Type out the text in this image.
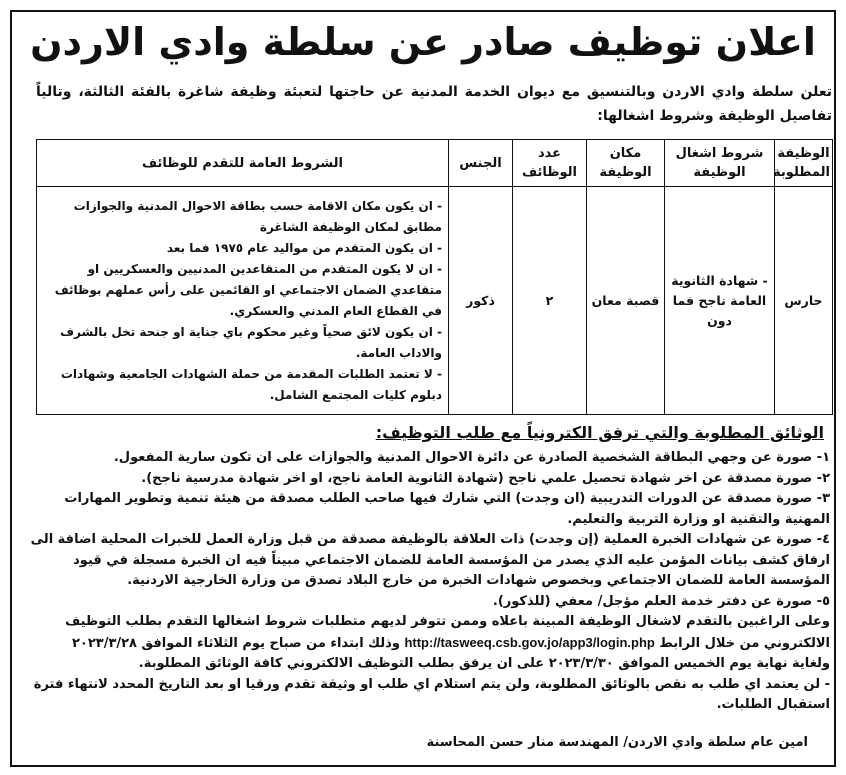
اعلان توظيف صادر عن سلطة وادي الاردن
تعلن سلطة وادي الاردن وبالتنسيق مع ديوان الخدمة المدنية عن حاجتها لتعبئة وظيفة شاغرة بالفئة الثالثة، وتالياً تفاصيل الوظيفة وشروط اشغالها:
الوظيفة المطلوبة	شروط اشغال الوظيفة	مكان الوظيفة	عدد الوظائف	الجنس	الشروط العامة للتقدم للوظائف
حارس	- شهادة الثانوية العامة ناجح فما دون	قصبة معان	٢	ذكور	- ان يكون مكان الاقامة حسب بطاقة الاحوال المدنية والجوازات مطابق لمكان الوظيفة الشاغرة
- ان يكون المتقدم من مواليد عام ١٩٧٥ فما بعد
- ان لا يكون المتقدم من المتقاعدين المدنيين والعسكريين او متقاعدي الضمان الاجتماعي او القائمين على رأس عملهم بوظائف في القطاع العام المدني والعسكري.
- ان يكون لائق صحياً وغير محكوم باي جناية او جنحة تخل بالشرف والاداب العامة.
- لا تعتمد الطلبات المقدمة من حملة الشهادات الجامعية وشهادات دبلوم كليات المجتمع الشامل.
الوثائق المطلوبة والتي ترفق الكترونياً مع طلب التوظيف:

١- صورة عن وجهي البطاقة الشخصية الصادرة عن دائرة الاحوال المدنية والجوازات على ان تكون سارية المفعول.

٢- صورة مصدقة عن اخر شهادة تحصيل علمي ناجح (شهادة الثانوية العامة ناجح، او اخر شهادة مدرسية ناجح).

٣- صورة مصدقة عن الدورات التدريبية (ان وجدت) التي شارك فيها صاحب الطلب مصدقة من هيئة تنمية وتطوير المهارات المهنية والتقنية او وزارة التربية والتعليم.

٤- صورة عن شهادات الخبرة العملية (إن وجدت) ذات العلاقة بالوظيفة مصدقة من قبل وزارة العمل للخبرات المحلية اضافة الى ارفاق كشف بيانات المؤمن عليه الذي يصدر من المؤسسة العامة للضمان الاجتماعي مبيناً فيه ان الخبرة مسجلة في قيود المؤسسة العامة للضمان الاجتماعي وبخصوص شهادات الخبرة من خارج البلاد تصدق من وزارة الخارجية الاردنية.

٥- صورة عن دفتر خدمة العلم مؤجل/ معفي (للذكور).

وعلى الراغبين بالتقدم لاشغال الوظيفة المبينة باعلاه وممن تتوفر لديهم متطلبات شروط اشغالها التقدم بطلب التوظيف الالكتروني من خلال الرابط http://tasweeq.csb.gov.jo/app3/login.php وذلك ابتداء من صباح يوم الثلاثاء الموافق ٢٠٢٣/٣/٢٨ ولغاية نهاية يوم الخميس الموافق ٢٠٢٣/٣/٣٠ على ان يرفق بطلب التوظيف الالكتروني كافة الوثائق المطلوبة.

- لن يعتمد اي طلب به نقص بالوثائق المطلوبة، ولن يتم استلام اي طلب او وثيقة تقدم ورقيا او بعد التاريخ المحدد لانتهاء فترة استقبال الطلبات.

امين عام سلطة وادي الاردن/ المهندسة منار حسن المحاسنة
